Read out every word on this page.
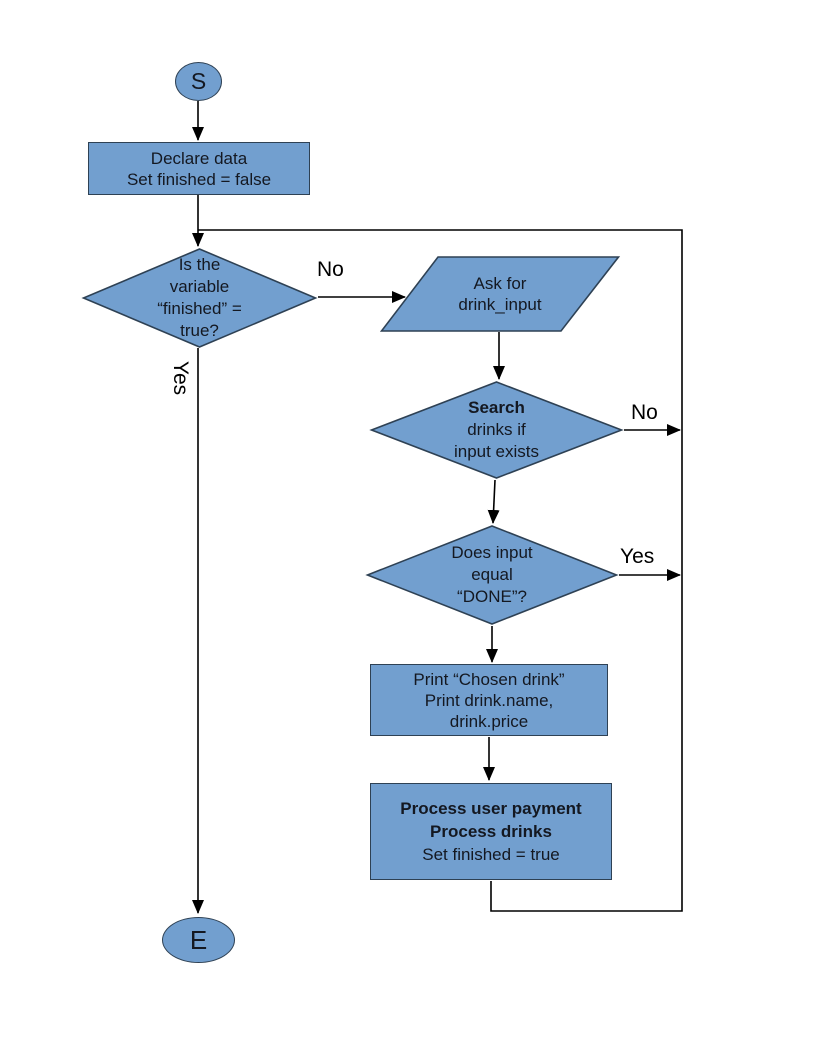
S
Declare data
Set finished = false
Is the
variable
“finished” =
true?
Ask for
drink_input
Search
drinks if
input exists
Does input
equal
“DONE”?
Print “Chosen drink”
Print drink.name,
drink.price
Process user payment
Process drinks
Set finished = true
E
No
Yes
No
Yes
